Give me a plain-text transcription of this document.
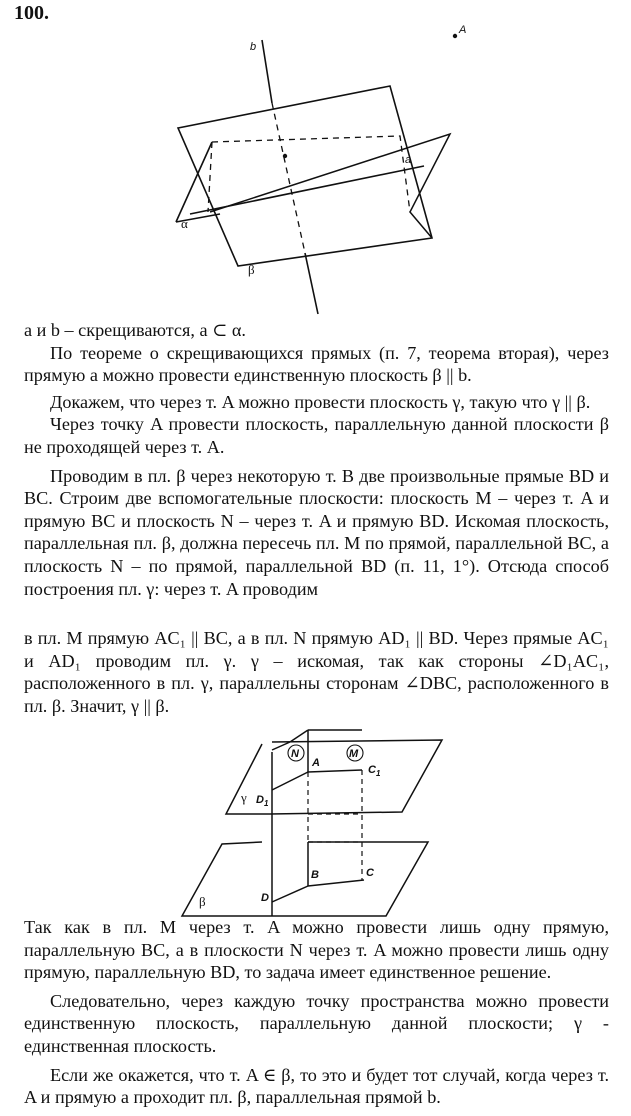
100.
b
A
a
α
β

a и b – скрещиваются, a ⊂ α.

По теореме о скрещивающихся прямых (п. 7, теорема вторая), через прямую a можно провести единственную плоскость β || b.

Докажем, что через т. A можно провести плоскость γ, такую что γ || β.

Через точку A провести плоскость, параллельную данной плоскости β не проходящей через т. A.

Проводим в пл. β через некоторую т. B две произвольные прямые BD и BC. Строим две вспомогательные плоскости: плоскость M – через т. A и прямую BC и плоскость N – через т. A и прямую BD. Искомая плоскость, параллельная пл. β, должна пересечь пл. M по прямой, параллельной BC, а плоскость N – по прямой, параллельной BD (п. 11, 1°). Отсюда способ построения пл. γ: через т. A проводим

в пл. M прямую AC₁ || BC, а в пл. N прямую AD₁ || BD. Через прямые AC₁ и AD₁ проводим пл. γ. γ – искомая, так как стороны ∠D₁AC₁, расположенного в пл. γ, параллельны сторонам ∠DBC, расположенного в пл. β. Значит, γ || β.

N	M
A
$C_1$
γ $D_1$
β
B	C
D

Так как в пл. M через т. A можно провести лишь одну прямую, параллельную BC, а в плоскости N через т. A можно провести лишь одну прямую, параллельную BD, то задача имеет единственное решение.

Следовательно, через каждую точку пространства можно провести единственную плоскость, параллельную данной плоскости; γ - единственная плоскость.

Если же окажется, что т. A ∈ β, то это и будет тот случай, когда через т. A и прямую a проходит пл. β, параллельная прямой b.
